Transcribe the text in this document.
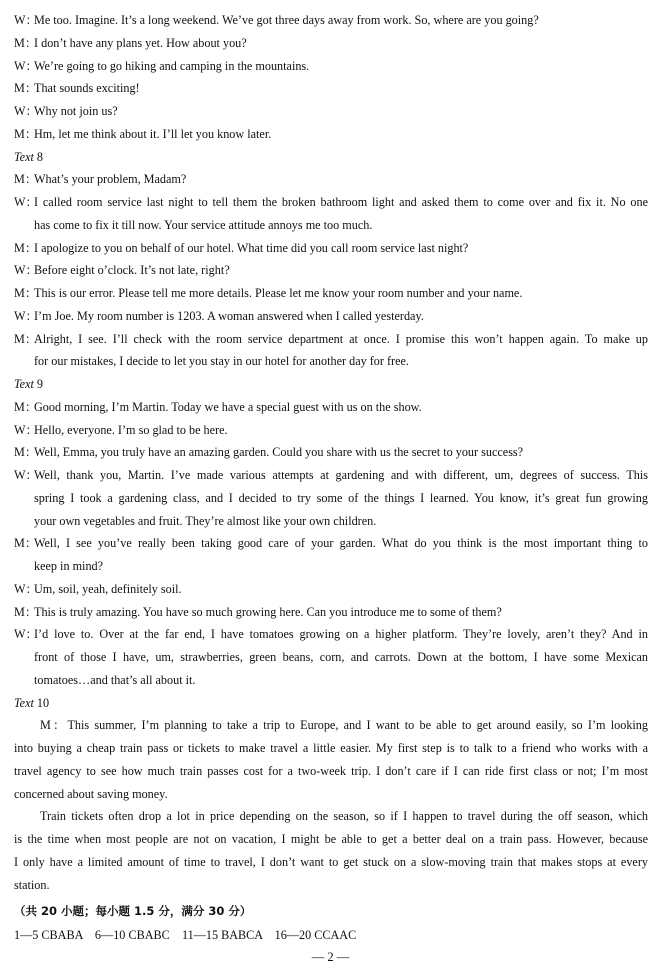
W：Me too. Imagine. It’s a long weekend. We’ve got three days away from work. So, where are you going?
M：I don’t have any plans yet. How about you?
W：We’re going to go hiking and camping in the mountains.
M：That sounds exciting!
W：Why not join us?
M：Hm, let me think about it. I’ll let you know later.
Text 8
M：What’s your problem, Madam?
W：
I called room service last night to tell them the broken bathroom light and asked them to come over and fix it. No one
has come to fix it till now. Your service attitude annoys me too much.
M：I apologize to you on behalf of our hotel. What time did you call room service last night?
W：Before eight o’clock. It’s not late, right?
M：This is our error. Please tell me more details. Please let me know your room number and your name.
W：I’m Joe. My room number is 1203. A woman answered when I called yesterday.
M：
Alright, I see. I’ll check with the room service department at once. I promise this won’t happen again. To make up
for our mistakes, I decide to let you stay in our hotel for another day for free.
Text 9
M：Good morning, I’m Martin. Today we have a special guest with us on the show.
W：Hello, everyone. I’m so glad to be here.
M：Well, Emma, you truly have an amazing garden. Could you share with us the secret to your success?
W：
Well, thank you, Martin. I’ve made various attempts at gardening and with different, um, degrees of success. This
spring I took a gardening class, and I decided to try some of the things I learned. You know, it’s great fun growing
your own vegetables and fruit. They’re almost like your own children.
M：
Well, I see you’ve really been taking good care of your garden. What do you think is the most important thing to
keep in mind?
W：Um, soil, yeah, definitely soil.
M：This is truly amazing. You have so much growing here. Can you introduce me to some of them?
W：
I’d love to. Over at the far end, I have tomatoes growing on a higher platform. They’re lovely, aren’t they? And in
front of those I have, um, strawberries, green beans, corn, and carrots. Down at the bottom, I have some Mexican
tomatoes…and that’s all about it.
Text 10
M：This summer, I’m planning to take a trip to Europe, and I want to be able to get around easily, so I’m looking
into buying a cheap train pass or tickets to make travel a little easier. My first step is to talk to a friend who works with a
travel agency to see how much train passes cost for a two-week trip. I don’t care if I can ride first class or not; I’m most
concerned about saving money.
Train tickets often drop a lot in price depending on the season, so if I happen to travel during the off season, which
is the time when most people are not on vacation, I might be able to get a better deal on a train pass. However, because
I only have a limited amount of time to travel, I don’t want to get stuck on a slow-moving train that makes stops at every
station.
（共 20 小题；每小题 1.5 分，满分 30 分）
1—5 CBABA　6—10 CBABC　11—15 BABCA　16—20 CCAAC
— 2 —
